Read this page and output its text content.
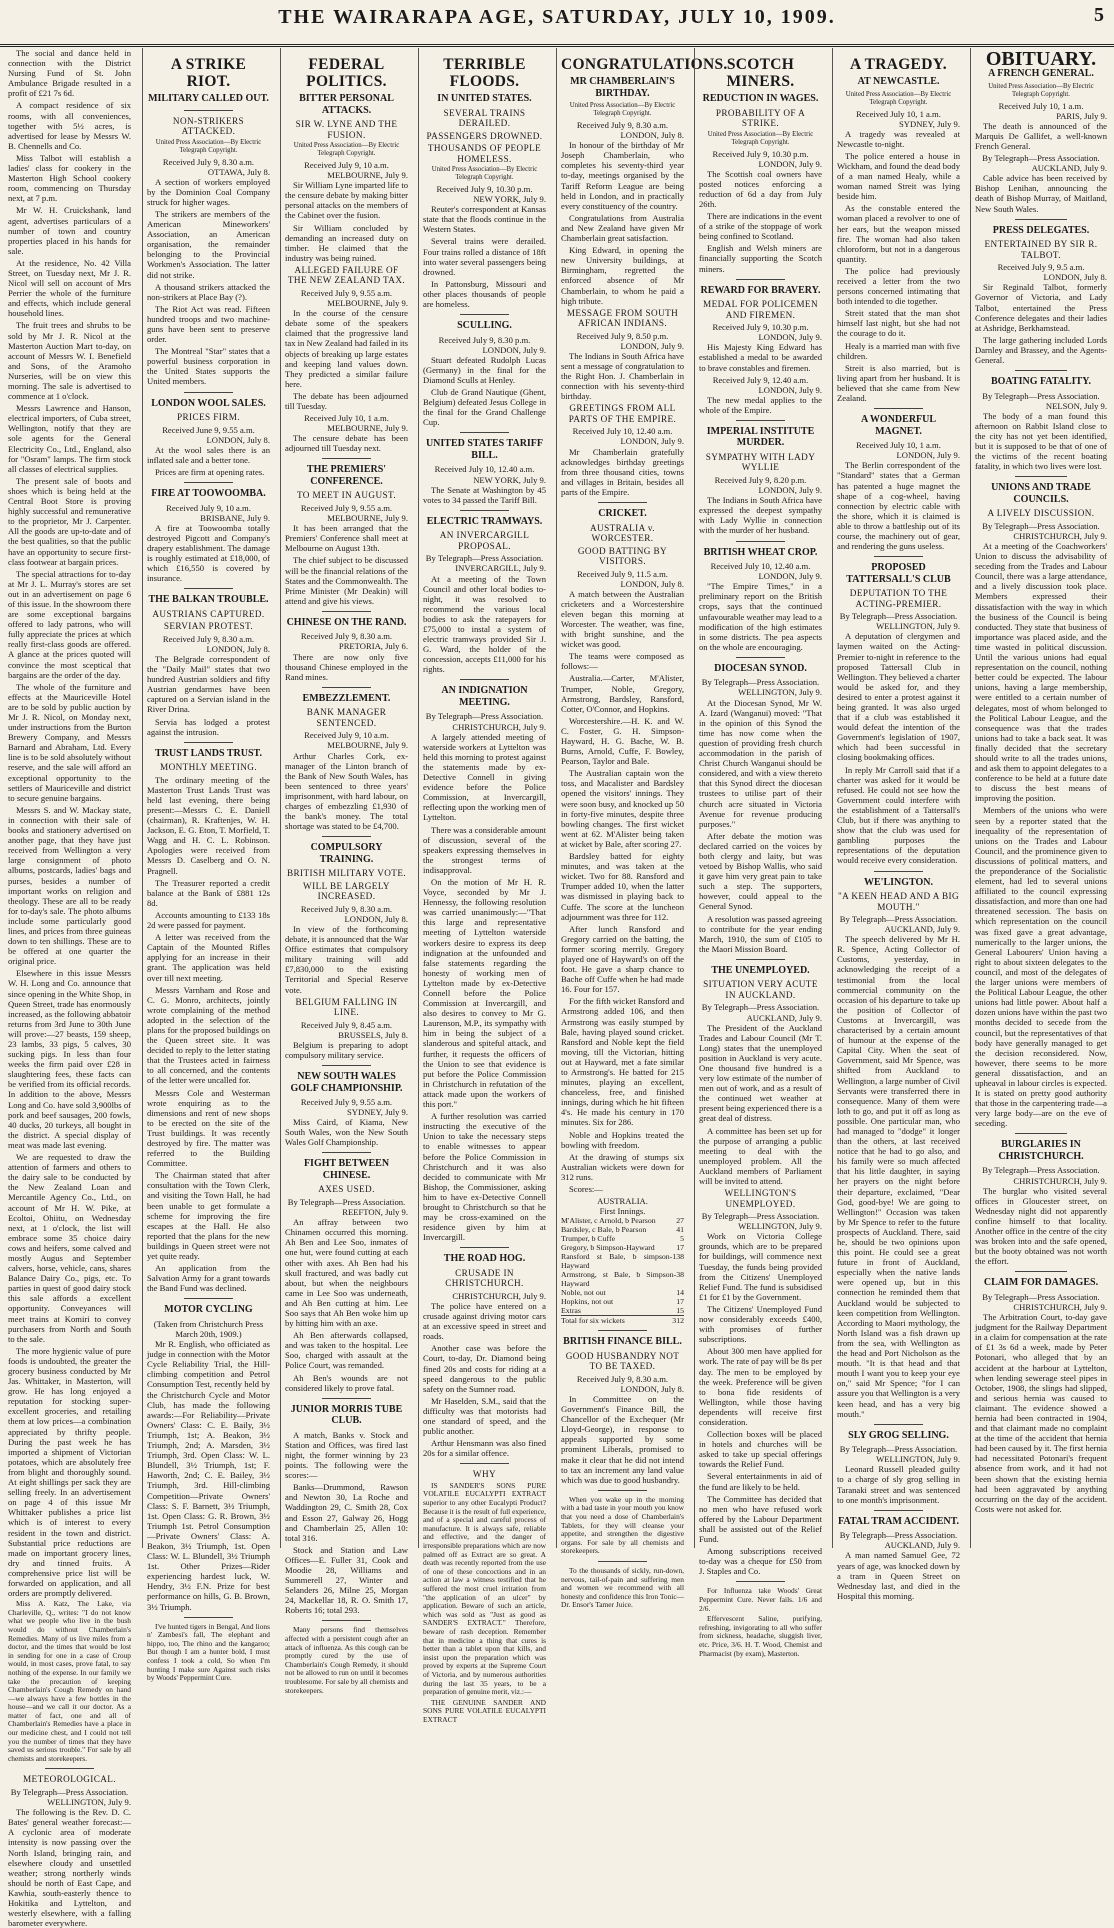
THE WAIRARAPA AGE, SATURDAY, JULY 10, 1909.	5

The social and dance held in connection with the District Nursing Fund of St. John Ambulance Brigade resulted in a profit of £21 7s 6d.

A compact residence of six rooms, with all conveniences, together with 5½ acres, is advertised for lease by Messrs W. B. Chennells and Co.

Miss Talbot will establish a ladies' class for cookery in the Masterton High School cookery room, commencing on Thursday next, at 7 p.m.

Mr W. H. Cruickshank, land agent, advertises particulars of a number of town and country properties placed in his hands for sale.

At the residence, No. 42 Villa Street, on Tuesday next, Mr J. R. Nicol will sell on account of Mrs Perrier the whole of the furniture and effects, which include general household lines.

The fruit trees and shrubs to be sold by Mr J. R. Nicol at the Masterton Auction Mart to-day, on account of Messrs W. I. Benefield and Sons, of the Aramoho Nurseries, will be on view this morning. The sale is advertised to commence at 1 o'clock.

Messrs Lawrence and Hanson, electrical importers, of Cuba street, Wellington, notify that they are sole agents for the General Electricity Co., Ltd., England, also for "Osram" lamps. The firm stock all classes of electrical supplies.

The present sale of boots and shoes which is being held at the Central Boot Store is proving highly successful and remunerative to the proprietor, Mr J. Carpenter. All the goods are up-to-date and of the best qualities, so that the public have an opportunity to secure first-class footwear at bargain prices.

The special attractions for to-day at Mr J. L. Murray's stores are set out in an advertisement on page 6 of this issue. In the showroom there are some exceptional bargains offered to lady patrons, who will fully appreciate the prices at which really first-class goods are offered. A glance at the prices quoted will convince the most sceptical that bargains are the order of the day.

The whole of the furniture and effects at the Mauriceville Hotel are to be sold by public auction by Mr J. R. Nicol, on Monday next, under instructions from the Burton Brewery Company, and Messrs Barnard and Abraham, Ltd. Every line is to be sold absolutely without reserve, and the sale will afford an exceptional opportunity to the settlers of Mauriceville and district to secure genuine bargains.

Messrs S. and W. Mackay state, in connection with their sale of books and stationery advertised on another page, that they have just received from Wellington a very large consignment of photo albums, postcards, ladies' bags and purses, besides a number of important works on religion and theology. These are all to be ready for to-day's sale. The photo albums include some particularly good lines, and prices from three guineas down to ten shillings. These are to be offered at one quarter the original price.

Elsewhere in this issue Messrs W. H. Long and Co. announce that since opening in the White Shop, in Queen Street, trade has enormously increased, as the following abbatoir returns from 3rd June to 30th June will prove:—27 beasts, 159 sheep, 23 lambs, 33 pigs, 5 calves, 30 sucking pigs. In less than four weeks the firm paid over £28 in slaughtering fees, these facts can be verified from its official records. In addition to the above, Messrs Long and Co. have sold 3,900lbs of pork and beef sausages, 200 fowls, 40 ducks, 20 turkeys, all bought in the district. A special display of meat was made last evening.

We are requested to draw the attention of farmers and others to the dairy sale to be conducted by the New Zealand Loan and Mercantile Agency Co., Ltd., on account of Mr H. W. Pike, at Ecoltoi, Ohiitu, on Wednesday next, at 1 o'clock, the list will embrace some 35 choice dairy cows and heifers, some calved and mostly Augus and September calvers, horse, vehicle, cans, shares Balance Dairy Co., pigs, etc. To parties in quest of good dairy stock this sale affords a excellent opportunity. Conveyances will meet trains at Komiri to convey purchasers from North and South to the sale.

The more hygienic value of pure foods is undoubted, the greater the grocery business conducted by Mr Jas. Whittaker, in Masterton, will grow. He has long enjoyed a reputation for stocking super-excellent groceries, and retailing them at low prices—a combination appreciated by thrifty people. During the past week he has imported a shipment of Victorian potatoes, which are absolutely free from blight and thoroughly sound. At eight shillings per sack they are selling freely. In an advertisement on page 4 of this issue Mr Whittaker publishes a price list which is of interest to every resident in the town and district. Substantial price reductions are made on important grocery lines, dry and tinned fruits. A comprehensive price list will be forwarded on application, and all orders are promptly delivered.

Miss A. Katz, The Lake, via Charleville, Q., writes: "I do not know what we people who live in the bush would do without Chamberlain's Remedies. Many of us live miles from a doctor, and the times that would be lost in sending for one in a case of Croup would, in most cases, prove fatal, to say nothing of the expense. In our family we take the precaution of keeping Chamberlain's Cough Remedy on hand—we always have a few bottles in the house—and we call it our doctor. As a matter of fact, one and all of Chamberlain's Remedies have a place in our medicine chest, and I could not tell you the number of times that they have saved us serious trouble." For sale by all chemists and storekeepers.

METEOROLOGICAL.
By Telegraph—Press Association.
WELLINGTON, July 9.

The following is the Rev. D. C. Bates' general weather forecast:—A cyclonic area of moderate intensity is now passing over the North Island, bringing rain, and elsewhere cloudy and unsettled weather; strong northerly winds should be north of East Cape, and Kawhia, south-easterly thence to Hokitika and Lyttelton, and westerly elsewhere, with a falling barometer everywhere.

A STRIKE RIOT.
MILITARY CALLED OUT.
NON-STRIKERS ATTACKED.
United Press Association—By Electric Telegraph Copyright.
Received July 9, 8.30 a.m.
OTTAWA, July 8.

A section of workers employed by the Dominion Coal Company struck for higher wages.

The strikers are members of the American Mineworkers' Association, an American organisation, the remainder belonging to the Provincial Workmen's Association. The latter did not strike.

A thousand strikers attacked the non-strikers at Place Bay (?).

The Riot Act was read. Fifteen hundred troops and two machine-guns have been sent to preserve order.

The Montreal "Star" states that a powerful business corporation in the United States supports the United members.

LONDON WOOL SALES.
PRICES FIRM.
Received June 9, 9.55 a.m.
LONDON, July 8.

At the wool sales there is an inflated sale and a better tone.

Prices are firm at opening rates.

FIRE AT TOOWOOMBA.
Received July 9, 10 a.m.
BRISBANE, July 9.

A fire at Toowoomba totally destroyed Pigcott and Company's drapery establishment. The damage is roughly estimated at £18,000, of which £16,550 is covered by insurance.

THE BALKAN TROUBLE.
AUSTRIANS CAPTURED.
SERVIAN PROTEST.
Received July 9, 8.30 a.m.
LONDON, July 8.

The Belgrade correspondent of the "Daily Mail" states that two hundred Austrian soldiers and fifty Austrian gendarmes have been captured on a Servian island in the River Drina.

Servia has lodged a protest against the intrusion.

TRUST LANDS TRUST.
MONTHLY MEETING.

The ordinary meeting of the Masterton Trust Lands Trust was held last evening, there being present:—Messrs C. E. Daniell (chairman), R. Kraftenjes, W. H. Jackson, E. G. Eton, T. Morfield, T. Wagg and H. C. L. Robinson. Apologies were received from Messrs D. Caselberg and O. N. Pragnell.

The Treasurer reported a credit balance at the Bank of £881 12s 8d.

Accounts amounting to £133 18s 2d were passed for payment.

A letter was received from the Captain of the Mounted Rifles applying for an increase in their grant. The application was held over till next meeting.

Messrs Varnham and Rose and C. G. Monro, architects, jointly wrote complaining of the method adopted in the selection of the plans for the proposed buildings on the Queen street site. It was decided to reply to the letter stating that the Trustees acted in fairness to all concerned, and the contents of the letter were uncalled for.

Messrs Cole and Westerman wrote enquiring as to the dimensions and rent of new shops to be erected on the site of the Trust buildings. It was recently destroyed by fire. The matter was referred to the Building Committee.

The Chairman stated that after consultation with the Town Clerk, and visiting the Town Hall, he had been unable to get formulate a scheme for improving the fire escapes at the Hall. He also reported that the plans for the new buildings in Queen street were not yet quite ready.

An application from the Salvation Army for a grant towards the Band Fund was declined.

MOTOR CYCLING
(Taken from Christchurch Press March 20th, 1909.)

Mr R. English, who officiated as judge in connection with the Motor Cycle Reliability Trial, the Hill-climbing competition and Petrol Consumption Test, recently held by the Christchurch Cycle and Motor Club, has made the following awards:—For Reliability—Private Owners' Class: C. E. Baily, 3½ Triumph, 1st; A. Beakon, 3½ Triumph, 2nd; A. Marsden, 3½ Triumph, 3rd. Open Class: W. L. Blundell, 3½ Triumph, 1st; F. Haworth, 2nd; C. E. Bailey, 3½ Triumph, 3rd. Hill-climbing Competition—Private Owners' Class: S. F. Barnett, 3½ Triumph, 1st. Open Class: G. R. Brown, 3½ Triumph 1st. Petrol Consumption—Private Owners' Class: A. Beakon, 3½ Triumph, 1st. Open Class: W. L. Blundell, 3½ Triumph 1st. Other Prizes—Rider experiencing hardest luck, W. Hendry, 3½ F.N. Prize for best performance on hills, G. B. Brown, 3½ Triumph.

I've hunted tigers in Bengal, And lions n' Zambesi's fall, The elephant and hippo, too, The rhino and the kangaroo; But though I am a hunter bold, I must confess I took a cold, So when I'm hunting I make sure Against such risks by Woods' Peppermint Cure.

FEDERAL POLITICS.
BITTER PERSONAL ATTACKS.
SIR W. LYNE AND THE FUSION.
United Press Association—By Electric Telegraph Copyright.
Received July 9, 10 a.m.
MELBOURNE, July 9.

Sir William Lyne imparted life to the censure debate by making bitter personal attacks on the members of the Cabinet over the fusion.

Sir William concluded by demanding an increased duty on timber. He claimed that the industry was being ruined.

ALLEGED FAILURE OF THE NEW ZEALAND TAX.
Received July 9, 9.55 a.m.
MELBOURNE, July 9.

In the course of the censure debate some of the speakers claimed that the progressive land tax in New Zealand had failed in its objects of breaking up large estates and keeping land values down. They predicted a similar failure here.

The debate has been adjourned till Tuesday.

Received July 10, 1 a.m.
MELBOURNE, July 9.

The censure debate has been adjourned till Tuesday next.

THE PREMIERS' CONFERENCE.
TO MEET IN AUGUST.
Received July 9, 9.55 a.m.
MELBOURNE, July 9.

It has been arranged that the Premiers' Conference shall meet at Melbourne on August 13th.

The chief subject to be discussed will be the financial relations of the States and the Commonwealth. The Prime Minister (Mr Deakin) will attend and give his views.

CHINESE ON THE RAND.
Received July 9, 8.30 a.m.
PRETORIA, July 6.

There are now only five thousand Chinese employed in the Rand mines.

EMBEZZLEMENT.
BANK MANAGER SENTENCED.
Received July 9, 10 a.m.
MELBOURNE, July 9.

Arthur Charles Cork, ex-manager of the Linton branch of the Bank of New South Wales, has been sentenced to three years' imprisonment, with hard labour, on charges of embezzling £1,930 of the bank's money. The total shortage was stated to be £4,700.

COMPULSORY TRAINING.
BRITISH MILITARY VOTE.
WILL BE LARGELY INCREASED.
Received July 9, 8.30 a.m.
LONDON, July 8.

In view of the forthcoming debate, it is announced that the War Office estimates that compulsory military training will add £7,830,000 to the existing Territorial and Special Reserve vote.

BELGIUM FALLING IN LINE.
Received July 9, 8.45 a.m.
BRUSSELS, July 8.

Belgium is preparing to adopt compulsory military service.

NEW SOUTH WALES GOLF CHAMPIONSHIP.
Received July 9, 9.55 a.m.
SYDNEY, July 9.

Miss Caird, of Kiama, New South Wales, won the New South Wales Golf Championship.

FIGHT BETWEEN CHINESE.
AXES USED.
By Telegraph—Press Association.
REEFTON, July 9.

An affray between two Chinamen occurred this morning. Ah Ben and Lee Soo, inmates of one hut, were found cutting at each other with axes. Ah Ben had his skull fractured, and was badly cut about, but when the neighbours came in Lee Soo was underneath, and Ah Ben cutting at him. Lee Soo says that Ah Ben woke him up by hitting him with an axe.

Ah Ben afterwards collapsed, and was taken to the hospital. Lee Soo, charged with assault at the Police Court, was remanded.

Ah Ben's wounds are not considered likely to prove fatal.

JUNIOR MORRIS TUBE CLUB.

A match, Banks v. Stock and Station and Offices, was fired last night, the former winning by 23 points. The following were the scores:—

Banks—Drummond, Rawson and Newton 30, La Roche and Waddington 29, C. Smith 28, Cox and Esson 27, Galway 26, Hogg and Chamberlain 25, Allen 10: total 316.

Stock and Station and Law Offices—E. Fuller 31, Cook and Moodie 28, Williams and Summerell 27, Winter and Selanders 26, Milne 25, Morgan 24, Mackellar 18, R. O. Smith 17, Roberts 16; total 293.

Many persons find themselves affected with a persistent cough after an attack of influenza. As this cough can be promptly cured by the use of Chamberlain's Cough Remedy, it should not be allowed to run on until it becomes troublesome. For sale by all chemists and storekeepers.

TERRIBLE FLOODS.
IN UNITED STATES.
SEVERAL TRAINS DERAILED.
PASSENGERS DROWNED.
THOUSANDS OF PEOPLE HOMELESS.
United Press Association—By Electric Telegraph Copyright.
Received July 9, 10.30 p.m.
NEW YORK, July 9.

Reuter's correspondent at Kansas state that the floods continue in the Western States.

Several trains were derailed. Four trains rolled a distance of 18ft into water several passengers being drowned.

In Pattonsburg, Missouri and other places thousands of people are homeless.

SCULLING.
Received July 9, 8.30 p.m.
LONDON, July 9.

Stuart defeated Rudolph Lucas (Germany) in the final for the Diamond Sculls at Henley.

Club de Grand Nautique (Ghent, Belgium) defeated Jesus College in the final for the Grand Challenge Cup.

UNITED STATES TARIFF BILL.
Received July 10, 12.40 a.m.
NEW YORK, July 9.

The Senate at Washington by 45 votes to 34 passed the Tariff Bill.

ELECTRIC TRAMWAYS.
AN INVERCARGILL PROPOSAL.
By Telegraph—Press Association.
INVERCARGILL, July 9.

At a meeting of the Town Council and other local bodies to-night, it was resolved to recommend the various local bodies to ask the ratepayers for £75,000 to instal a system of electric tramways provided Sir J. G. Ward, the holder of the concession, accepts £11,000 for his rights.

AN INDIGNATION MEETING.
By Telegraph—Press Association.
CHRISTCHURCH, July 9.

A largely attended meeting of waterside workers at Lyttelton was held this morning to protest against the statements made by ex-Detective Connell in giving evidence before the Police Commission, at Invercargill, reflecting upon the working men of Lyttelton.

There was a considerable amount of discussion, several of the speakers expressing themselves in the strongest terms of indisapproval.

On the motion of Mr H. R. Voyce, seconded by Mr J. Hennessy, the following resolution was carried unanimously:—"That this large and representative meeting of Lyttelton waterside workers desire to express its deep indignation at the unfounded and false statements regarding the honesty of working men of Lyttelton made by ex-Detective Connell before the Police Commission at Invercargill, and also desires to convey to Mr G. Laurenson, M.P., its sympathy with him in being the subject of a slanderous and spiteful attack, and further, it requests the officers of the Union to see that evidence is put before the Police Commission in Christchurch in refutation of the attack made upon the workers of this port."

A further resolution was carried instructing the executive of the Union to take the necessary steps to enable witnesses to appear before the Police Commission in Christchurch and it was also decided to communicate with Mr Bishop, the Commissioner, asking him to have ex-Detective Connell brought to Christchurch so that he may be cross-examined on the residence given by him at Invercargill.

THE ROAD HOG.
CRUSADE IN CHRISTCHURCH.
CHRISTCHURCH, July 9.

The police have entered on a crusade against driving motor cars at an excessive speed in street and roads.

Another case was before the Court, to-day, Dr. Diamond being fined 20s and costs for riding at a speed dangerous to the public safety on the Sumner road.

Mr Haselden, S.M., said that the difficulty was that motorists had one standard of speed, and the public another.

Arthur Hensmann was also fined 20s for a similar offence.

WHY

IS SANDER'S SONS PURE VOLATILE EUCALYPTI EXTRACT superior to any other Eucalypti Product? Because it is the result of full experience, and of a special and careful process of manufacture. It is always safe, reliable and effective, and the danger of irresponsible preparations which are now palmed off as Extract are so great. A death was recently reported from the use of one of these concoctions and in an action at law a witness testified that he suffered the most cruel irritation from "the application of an ulcer" by application. Beware of such an article, which was sold as "Just as good as SANDER'S EXTRACT." Therefore, beware of rash deception. Remember that in medicine a thing that cures is better than a tablet upon that kills, and insist upon the preparation which was proved by experts at the Supreme Court of Victoria, and by numerous authorities during the last 35 years, to be a preparation of genuine merit, viz.:—

THE GENUINE SANDER AND SONS PURE VOLATILE EUCALYPTI EXTRACT

CONGRATULATIONS.
MR CHAMBERLAIN'S BIRTHDAY.
United Press Association—By Electric Telegraph Copyright.
Received July 9, 8.30 a.m.
LONDON, July 8.

In honour of the birthday of Mr Joseph Chamberlain, who completes his seventy-third year to-day, meetings organised by the Tariff Reform League are being held in London, and in practically every constituency of the country.

Congratulations from Australia and New Zealand have given Mr Chamberlain great satisfaction.

King Edward, in opening the new University buildings, at Birmingham, regretted the enforced absence of Mr Chamberlain, to whom he paid a high tribute.

MESSAGE FROM SOUTH AFRICAN INDIANS.
Received July 9, 8.50 p.m.
LONDON, July 9.

The Indians in South Africa have sent a message of congratulation to the Right Hon. J. Chamberlain in connection with his seventy-third birthday.

GREETINGS FROM ALL PARTS OF THE EMPIRE.
Received July 10, 12.40 a.m.
LONDON, July 9.

Mr Chamberlain gratefully acknowledges birthday greetings from three thousand cities, towns and villages in Britain, besides all parts of the Empire.

CRICKET.
AUSTRALIA v. WORCESTER.
GOOD BATTING BY VISITORS.
Received July 9, 11.5 a.m.
LONDON, July 8.

A match between the Australian cricketers and a Worcestershire eleven began this morning at Worcester. The weather, was fine, with bright sunshine, and the wicket was good.

The teams were composed as follows:—

Australia.—Carter, M'Alister, Trumper, Noble, Gregory, Armstrong, Bardsley, Ransford, Cotter, O'Connor, and Hopkins.

Worcestershire.—H. K. and W. C. Foster, G. H. Simpson-Hayward, H. G. Bache, W. B. Burns, Arnold, Cuffe, F. Bowley, Pearson, Taylor and Bale.

The Australian captain won the toss, and Macalister and Bardsley opened the visitors' innings. They were soon busy, and knocked up 50 in forty-five minutes, despite three bowling changes. The first wicket went at 62. M'Alister being taken at wicket by Bale, after scoring 27.

Bardsley batted for eighty minutes, and was taken at the wicket. Two for 88. Ransford and Trumper added 10, when the latter was dismissed in playing back to Cuffe. The score at the luncheon adjournment was three for 112.

After lunch Ransford and Gregory carried on the batting, the former scoring merrily. Gregory played one of Hayward's on off the foot. He gave a sharp chance to Bache off Cuffe when he had made 16. Four for 157.

For the fifth wicket Ransford and Armstrong added 106, and then Armstrong was easily stumped by Bale, having played sound cricket. Ransford and Noble kept the field moving, till the Victorian, hitting out at Hayward, met a fate similar to Armstrong's. He batted for 215 minutes, playing an excellent, chanceless, free, and finished innings, during which he hit fifteen 4's. He made his century in 170 minutes. Six for 286.

Noble and Hopkins treated the bowling with freedom.

At the drawing of stumps six Australian wickets were down for 312 runs.

Scores:—

AUSTRALIA.
First Innings.
M'Alister, c Arnold, b Pearson	27
Bardsley, c Bale, b Pearson	41
Trumper, b Cuffe	5
Gregory, b Simpson-Hayward	17
Ransford st Bale, b simpson-Hayward
138
Armstrong, st Bale, b Simpson-Hayward
38
Noble, not out	14
Hopkins, not out	17
Extras	15
Total for six wickets	312
BRITISH FINANCE BILL.
GOOD HUSBANDRY NOT TO BE TAXED.
Received July 9, 8.30 a.m.
LONDON, July 8.

In Committee on the Government's Finance Bill, the Chancellor of the Exchequer (Mr Lloyd-George), in response to appeals supported by some prominent Liberals, promised to make it clear that he did not intend to tax an increment any land value which was due to good husbandry.

When you wake up in the morning with a bad taste in your mouth you know that you need a dose of Chamberlain's Tablets, for they will cleanse your appetite, and strengthen the digestive organs. For sale by all chemists and storekeepers.

To the thousands of sickly, run-down, nervous, tail-of-pain and suffering men and women we recommend with all honesty and confidence this Iron Tonic—Dr. Ensor's Tamer Juice.

SCOTCH MINERS.
REDUCTION IN WAGES.
PROBABILITY OF A STRIKE.
United Press Association—By Electric Telegraph Copyright.
Received July 9, 10.30 p.m.
LONDON, July 9.

The Scottish coal owners have posted notices enforcing a reduction of 6d a day from July 26th.

There are indications in the event of a strike of the stoppage of work being confined to Scotland.

English and Welsh miners are financially supporting the Scotch miners.

REWARD FOR BRAVERY.
MEDAL FOR POLICEMEN AND FIREMEN.
Received July 9, 10.30 p.m.
LONDON, July 9.

His Majesty King Edward has established a medal to be awarded to brave constables and firemen.

Received July 9, 12.40 a.m.
LONDON, July 9.

The new medal applies to the whole of the Empire.

IMPERIAL INSTITUTE MURDER.
SYMPATHY WITH LADY WYLLIE
Received July 9, 8.20 p.m.
LONDON, July 9.

The Indians in South Africa have expressed the deepest sympathy with Lady Wyllie in connection with the murder of her husband.

BRITISH WHEAT CROP.
Received July 10, 12.40 a.m.
LONDON, July 9.

"The Empire Times," in a preliminary report on the British crops, says that the continued unfavourable weather may lead to a modification of the high estimates in some districts. The pea aspects on the whole are encouraging.

DIOCESAN SYNOD.
By Telegraph—Press Association.
WELLINGTON, July 9.

At the Diocesan Synod, Mr W. A. Izard (Wanganui) moved: "That in the opinion of this Synod the time has now come when the question of providing fresh church accommodation in the parish of Christ Church Wanganui should be considered, and with a view thereto that this Synod direct the diocesan trustees to utilise part of their church acre situated in Victoria Avenue for revenue producing purposes."

After debate the motion was declared carried on the voices by both clergy and laity, but was vetoed by Bishop Wallis, who said it gave him very great pain to take such a step. The supporters, however, could appeal to the General Synod.

A resolution was passed agreeing to contribute for the year ending March, 1910, the sum of £105 to the Maori Mission Board.

THE UNEMPLOYED.
SITUATION VERY ACUTE IN AUCKLAND.
By Telegraph—Press Association.
AUCKLAND, July 9.

The President of the Auckland Trades and Labour Council (Mr T. Long) states that the unemployed position in Auckland is very acute. One thousand five hundred is a very low estimate of the number of men out of work, and as a result of the continued wet weather at present being experienced there is a great deal of distress.

A committee has been set up for the purpose of arranging a public meeting to deal with the unemployed problem. All the Auckland members of Parliament will be invited to attend.

WELLINGTON'S UNEMPLOYED.
By Telegraph—Press Association.
WELLINGTON, July 9.

Work on Victoria College grounds, which are to be prepared for buildings, will commence next Tuesday, the funds being provided from the Citizens' Unemployed Relief Fund. The fund is subsidised £1 for £1 by the Government.

The Citizens' Unemployed Fund now considerably exceeds £400, with promises of further subscriptions.

About 300 men have applied for work. The rate of pay will be 8s per day. The men to be employed by the week. Preference will be given to bona fide residents of Wellington, while those having dependents will receive first consideration.

Collection boxes will be placed in hotels and churches will be asked to take up special offerings towards the Relief Fund.

Several entertainments in aid of the fund are likely to be held.

The Committee has decided that no men who have refused work offered by the Labour Department shall be assisted out of the Relief Fund.

Among subscriptions received to-day was a cheque for £50 from J. Staples and Co.

For Influenza take Woods' Great Peppermint Cure. Never fails. 1/6 and 2/6.

Effervescent Saline, purifying, refreshing, invigorating to all who suffer from sickness, headache, sluggish liver, etc. Price, 3/6. H. T. Wood, Chemist and Pharmacist (by exam), Masterton.

A TRAGEDY.
AT NEWCASTLE.
United Press Association—By Electric Telegraph Copyright.
Received July 10, 1 a.m.
SYDNEY, July 9.

A tragedy was revealed at Newcastle to-night.

The police entered a house in Wickham, and found the dead body of a man named Healy, while a woman named Streit was lying beside him.

As the constable entered the woman placed a revolver to one of her ears, but the weapon missed fire. The woman had also taken chloroform, but not in a dangerous quantity.

The police had previously received a letter from the two persons concerned intimating that both intended to die together.

Streit stated that the man shot himself last night, but she had not the courage to do it.

Healy is a married man with five children.

Streit is also married, but is living apart from her husband. It is believed that she came from New Zealand.

A WONDERFUL MAGNET.
Received July 10, 1 a.m.
LONDON, July 9.

The Berlin correspondent of the "Standard" states that a German has patented a huge magnet the shape of a cog-wheel, having connection by electric cable with the shore, which it is claimed is able to throw a battleship out of its course, the machinery out of gear, and rendering the guns useless.

PROPOSED TATTERSALL'S CLUB
DEPUTATION TO THE ACTING-PREMIER.
By Telegraph—Press Association.
WELLINGTON, July 9.

A deputation of clergymen and laymen waited on the Acting-Premier to-night in reference to the proposed Tattersall Club in Wellington. They believed a charter would be asked for, and they desired to enter a protest against it being granted. It was also urged that if a club was established it would defeat the intention of the Government's legislation of 1907, which had been successful in closing bookmaking offices.

In reply Mr Carroll said that if a charter was asked for it would be refused. He could not see how the Government could interfere with the establishment of a Tattersall's Club, but if there was anything to show that the club was used for gambling purposes the representations of the deputation would receive every consideration.

WE'LINGTON.
"A KEEN HEAD AND A BIG MOUTH."
By Telegraph—Press Association.
AUCKLAND, July 9.

The speech delivered by Mr H. R. Spence, Acting Collector of Customs, yesterday, in acknowledging the receipt of a testimonial from the local commercial community on the occasion of his departure to take up the position of Collector of Customs at Invercargill, was characterised by a certain amount of humour at the expense of the Capital City. When the seat of Government, said Mr Spence, was shifted from Auckland to Wellington, a large number of Civil Servants were transferred there in consequence. Many of them were loth to go, and put it off as long as possible. One particular man, who had managed to "dodge" it longer than the others, at last received notice that he had to go also, and his family were so much affected that his little daughter, in saying her prayers on the night before their departure, exclaimed, "Dear God, good-bye! We are going to Wellington!" Occasion was taken by Mr Spence to refer to the future prospects of Auckland. There, said he, should be two opinions upon this point. He could see a great future in front of Auckland, especially when the native lands were opened up, but in this connection he reminded them that Auckland would be subjected to keen competition from Wellington. According to Maori mythology, the North Island was a fish drawn up from the sea, with Wellington as the head and Port Nicholson as the mouth. "It is that head and that mouth I want you to keep your eye on," said Mr Spence; "for I can assure you that Wellington is a very keen head, and has a very big mouth."

SLY GROG SELLING.
By Telegraph—Press Association.
WELLINGTON, July 9.

Leonard Russell pleaded guilty to a charge of sly grog selling in Taranaki street and was sentenced to one month's imprisonment.

FATAL TRAM ACCIDENT.
By Telegraph—Press Association.
AUCKLAND, July 9.

A man named Samuel Gee, 72 years of age, was knocked down by a tram in Queen Street on Wednesday last, and died in the Hospital this morning.

OBITUARY.
A FRENCH GENERAL.
United Press Association—By Electric Telegraph Copyright.
Received July 10, 1 a.m.
PARIS, July 9.

The death is announced of the Marquis De Gallifet, a well-known French General.

By Telegraph—Press Association.
AUCKLAND, July 9.

Cable advice has been received by Bishop Lenihan, announcing the death of Bishop Murray, of Maitland, New South Wales.

PRESS DELEGATES.
ENTERTAINED BY SIR R. TALBOT.
Received July 9, 9.5 a.m.
LONDON, July 8.

Sir Reginald Talbot, formerly Governor of Victoria, and Lady Talbot, entertained the Press Conference delegates and their ladies at Ashridge, Berkhamstead.

The large gathering included Lords Darnley and Brassey, and the Agents-General.

BOATING FATALITY.
By Telegraph—Press Association.
NELSON, July 9.

The body of a man found this afternoon on Rabbit Island close to the city has not yet been identified, but it is supposed to be that of one of the victims of the recent boating fatality, in which two lives were lost.

UNIONS AND TRADE COUNCILS.
A LIVELY DISCUSSION.
By Telegraph—Press Association.
CHRISTCHURCH, July 9.

At a meeting of the Coachworkers' Union to discuss the advisability of seceding from the Trades and Labour Council, there was a large attendance, and a lively discussion took place. Members expressed their dissatisfaction with the way in which the business of the Council is being conducted. They state that business of importance was placed aside, and the time wasted in political discussion. Until the various unions had equal representation on the council, nothing better could be expected. The labour unions, having a large membership, were entitled to a certain number of delegates, most of whom belonged to the Political Labour League, and the consequence was that the trades unions had to take a back seat. It was finally decided that the secretary should write to all the trades unions, and ask them to appoint delegates to a conference to be held at a future date to discuss the best means of improving the position.

Members of the unions who were seen by a reporter stated that the inequality of the representation of unions on the Trades and Labour Council, and the prominence given to discussions of political matters, and the preponderance of the Socialistic element, had led to several unions affiliated to the council expressing dissatisfaction, and more than one had threatened secession. The basis on which representation on the council was fixed gave a great advantage, numerically to the larger unions, the General Labourers' Union having a right to about sixteen delegates to the council, and most of the delegates of the larger unions were members of the Political Labour League, the other unions had little power. About half a dozen unions have within the past two months decided to secede from the council, but the representatives of that body have generally managed to get the decision reconsidered. Now, however, there seems to be more general dissatisfaction, and an upheaval in labour circles is expected. It is stated on pretty good authority that those in the carpentering trade—a very large body—are on the eve of seceding.

BURGLARIES IN CHRISTCHURCH.
By Telegraph—Press Association.
CHRISTCHURCH, July 9.

The burglar who visited several offices in Gloucester street, on Wednesday night did not apparently confine himself to that locality. Another office in the centre of the city was broken into and the safe opened, but the booty obtained was not worth the effort.

CLAIM FOR DAMAGES.
By Telegraph—Press Association.
CHRISTCHURCH, July 9.

The Arbitration Court, to-day gave judgment for the Railway Department in a claim for compensation at the rate of £1 3s 6d a week, made by Peter Potonari, who alleged that by an accident at the harbour at Lyttelton, when lending sewerage steel pipes in October, 1908, the slings had slipped, and serious hernia was caused to claimant. The evidence showed a hernia had been contracted in 1904, and that claimant made no complaint at the time of the accident that hernia had been caused by it. The first hernia had necessitated Potonari's frequent absence from work, and it had not been shown that the existing hernia had been aggravated by anything occurring on the day of the accident. Costs were not asked for.
